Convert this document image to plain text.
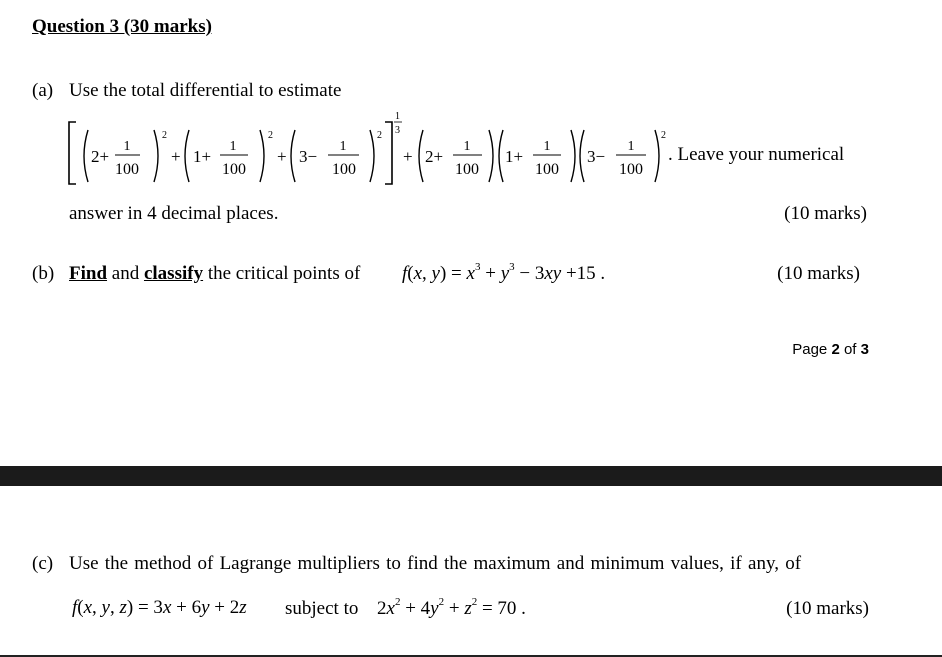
Question 3 (30 marks)
(a) Use the total differential to estimate
2+
1
100
2
+ 1+
1
100
2
+ 3−
1
100
2
1
3
+ 2+
1
100
1+
1
100
3−
1
100
2
. Leave your numerical
answer in 4 decimal places.	(10 marks)
(b) Find and classify the critical points of f(x, $y) = x^3 + y^3 - 3xy +15$ .	(10 marks)
Page 2 of 3
(c) Use the method of Lagrange multipliers to find the maximum and minimum values, if any, of
f(x, y, z) = 3x + 6y + 2z subject to $2x^2 + 4y^2 + z^2 = 70$ .	(10 marks)
